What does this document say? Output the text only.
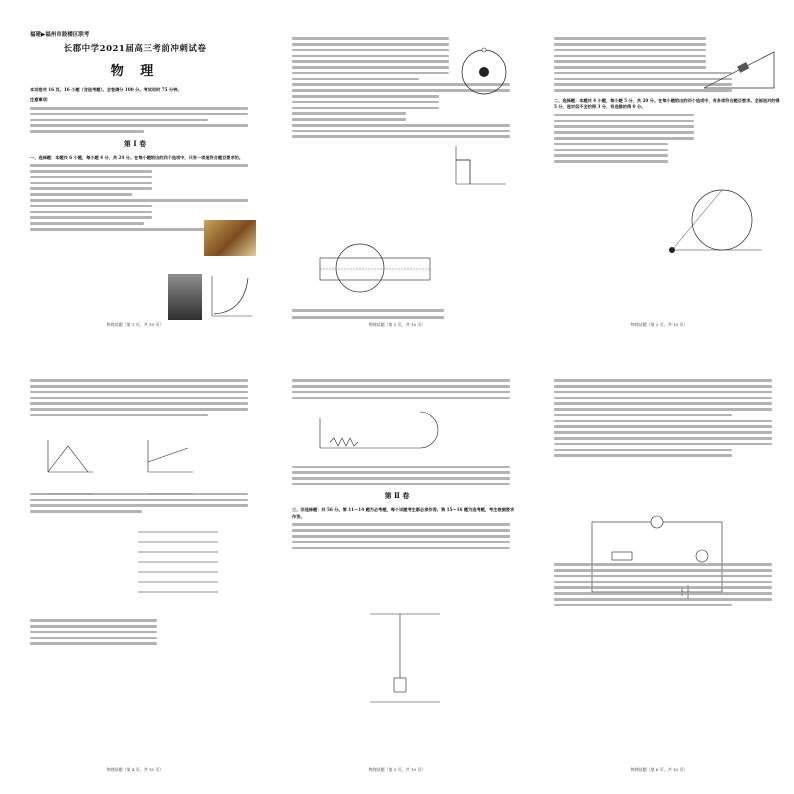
福建▶福州市鼓楼区联考
长郡中学2021届高三考前冲刺试卷
物 理
本试卷共 16 页。16 小题（含选考题）。全卷满分 100 分。考试用时 75 分钟。
注意事项：
第 Ⅰ 卷
一、选择题：本题共 6 小题，每小题 4 分，共 24 分。在每小题给出的四个选项中，只有一项是符合题目要求的。
物理试题（第 1 页，共 10 页）	物理试题（第 2 页，共 10 页）
二、选择题：本题共 4 小题，每小题 5 分，共 20 分。在每小题给出的四个选项中，有多项符合题目要求。全部选对的得 5 分，选对但不全的得 3 分，有选错的得 0 分。
物理试题（第 3 页，共 10 页）
物理试题（第 4 页，共 10 页）
第 Ⅱ 卷
三、非选择题：共 56 分。第 11～14 题为必考题，每个试题考生都必须作答。第 15～16 题为选考题，考生根据要求作答。
物理试题（第 5 页，共 10 页）	物理试题（第 6 页，共 10 页）
